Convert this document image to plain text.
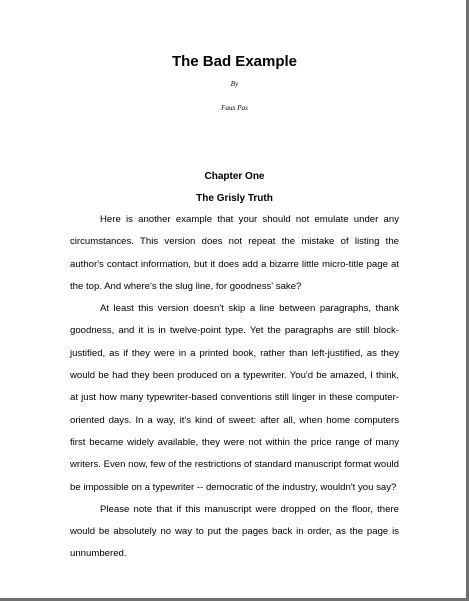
The Bad Example
By
Faux Pas
Chapter One
The Grisly Truth

Here is another example that your should not emulate under any circumstances. This version does not repeat the mistake of listing the author's contact information, but it does add a bizarre little micro-title page at the top. And where's the slug line, for goodness' sake?

At least this version doesn't skip a line between paragraphs, thank goodness, and it is in twelve-point type. Yet the paragraphs are still block-justified, as if they were in a printed book, rather than left-justified, as they would be had they been produced on a typewriter. You'd be amazed, I think, at just how many typewriter-based conventions still linger in these computer-oriented days. In a way, it's kind of sweet: after all, when home computers first became widely available, they were not within the price range of many writers. Even now, few of the restrictions of standard manuscript format would be impossible on a typewriter -- democratic of the industry, wouldn't you say?

Please note that if this manuscript were dropped on the floor, there would be absolutely no way to put the pages back in order, as the page is unnumbered.
